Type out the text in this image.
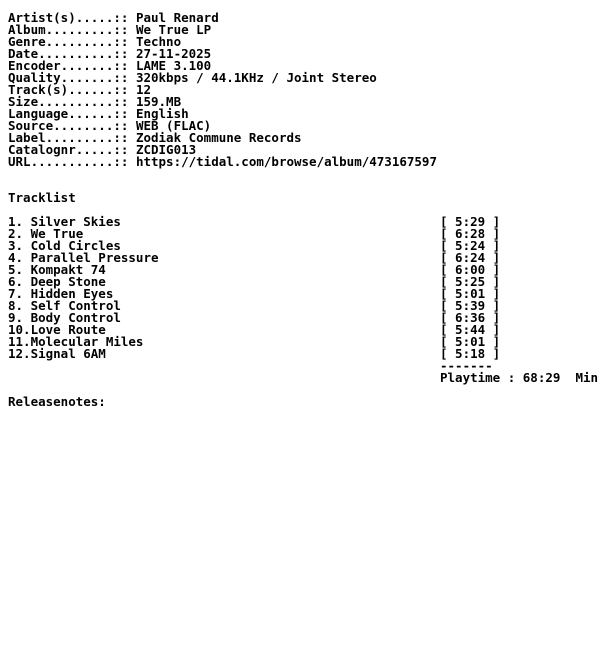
Artist(s).....:: Paul Renard
Album.........:: We True LP
Genre.........:: Techno
Date..........:: 27-11-2025
Encoder.......:: LAME 3.100
Quality.......:: 320kbps / 44.1KHz / Joint Stereo
Track(s)......:: 12
Size..........:: 159.MB
Language......:: English
Source........:: WEB (FLAC)
Label.........:: Zodiak Commune Records
Catalognr.....:: ZCDIG013
URL...........:: https://tidal.com/browse/album/473167597
Tracklist
1. Silver Skies	[ 5:29 ]
2. We True	[ 6:28 ]
3. Cold Circles	[ 5:24 ]
4. Parallel Pressure	[ 6:24 ]
5. Kompakt 74	[ 6:00 ]
6. Deep Stone	[ 5:25 ]
7. Hidden Eyes	[ 5:01 ]
8. Self Control	[ 5:39 ]
9. Body Control	[ 6:36 ]
10.Love Route	[ 5:44 ]
11.Molecular Miles	[ 5:01 ]
12.Signal 6AM	[ 5:18 ]
-------
Playtime : 68:29  Min
Releasenotes:
